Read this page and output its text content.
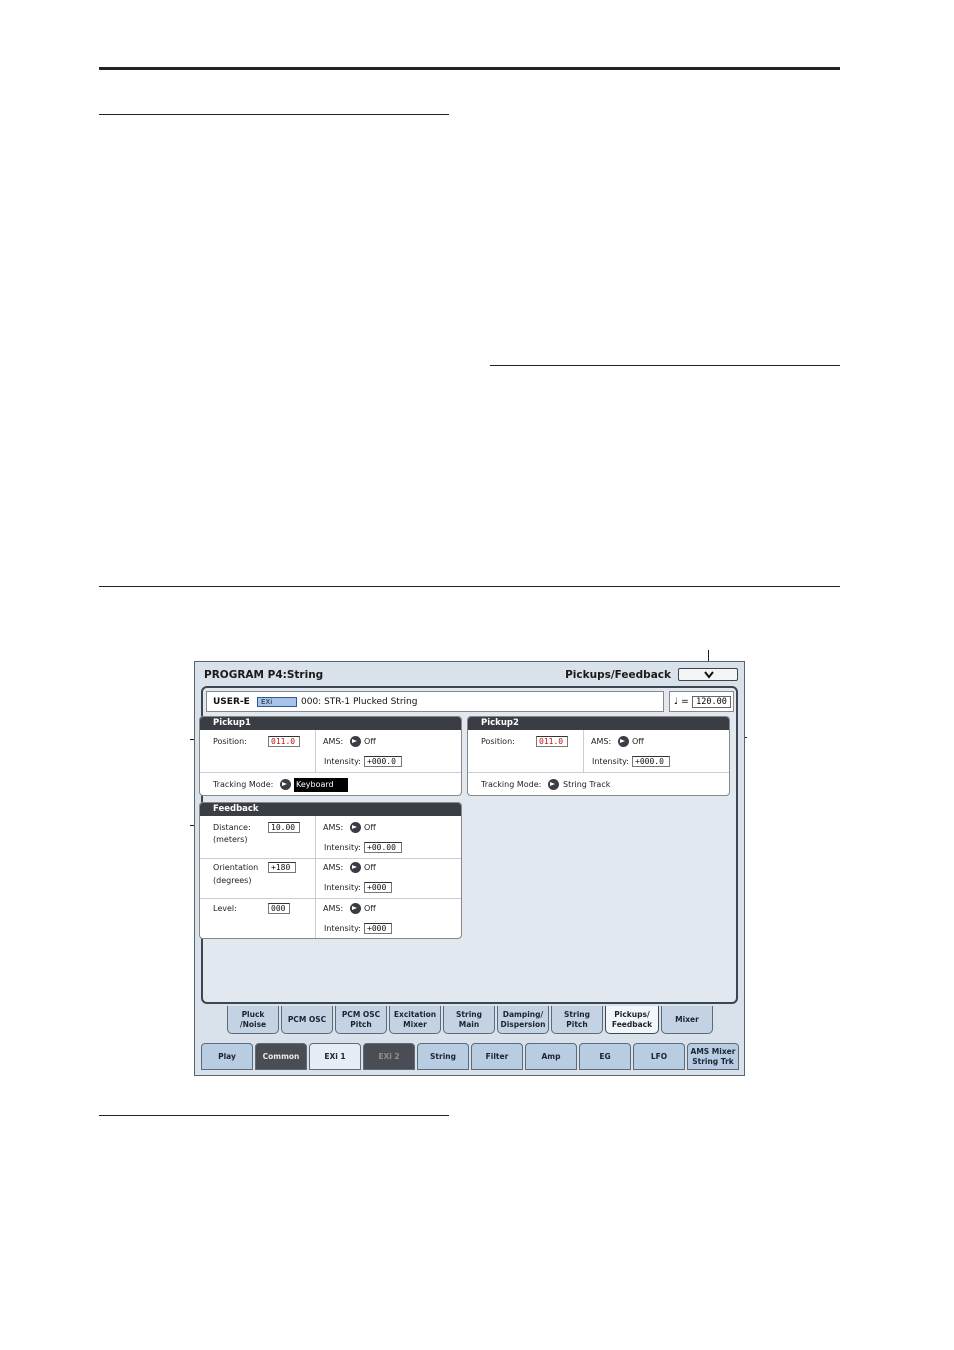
PROGRAM P4:String	Pickups/Feedback
USER-E	EXi	000: STR-1 Plucked String	♩ = 120.00
Pickup1
Position:	011.0	AMS:	Off
Intensity: +000.0
Tracking Mode:	Keyboard
Pickup2
Position:	011.0	AMS:	Off
Intensity: +000.0
Tracking Mode:	String Track
Feedback
Distance:
(meters)
10.00	AMS:	Off
Intensity: +00.00
Orientation
(degrees)
+180	AMS:	Off
Intensity: +000
Level:	000	AMS:	Off
Intensity: +000
Pluck
/Noise
PCM OSC
PCM OSC
Pitch
Excitation
Mixer
String
Main
Damping/
Dispersion
String
Pitch
Pickups/
Feedback
Mixer
Play	Common	EXi 1	EXi 2	String	Filter	Amp	EG	LFO
AMS Mixer
String Trk
